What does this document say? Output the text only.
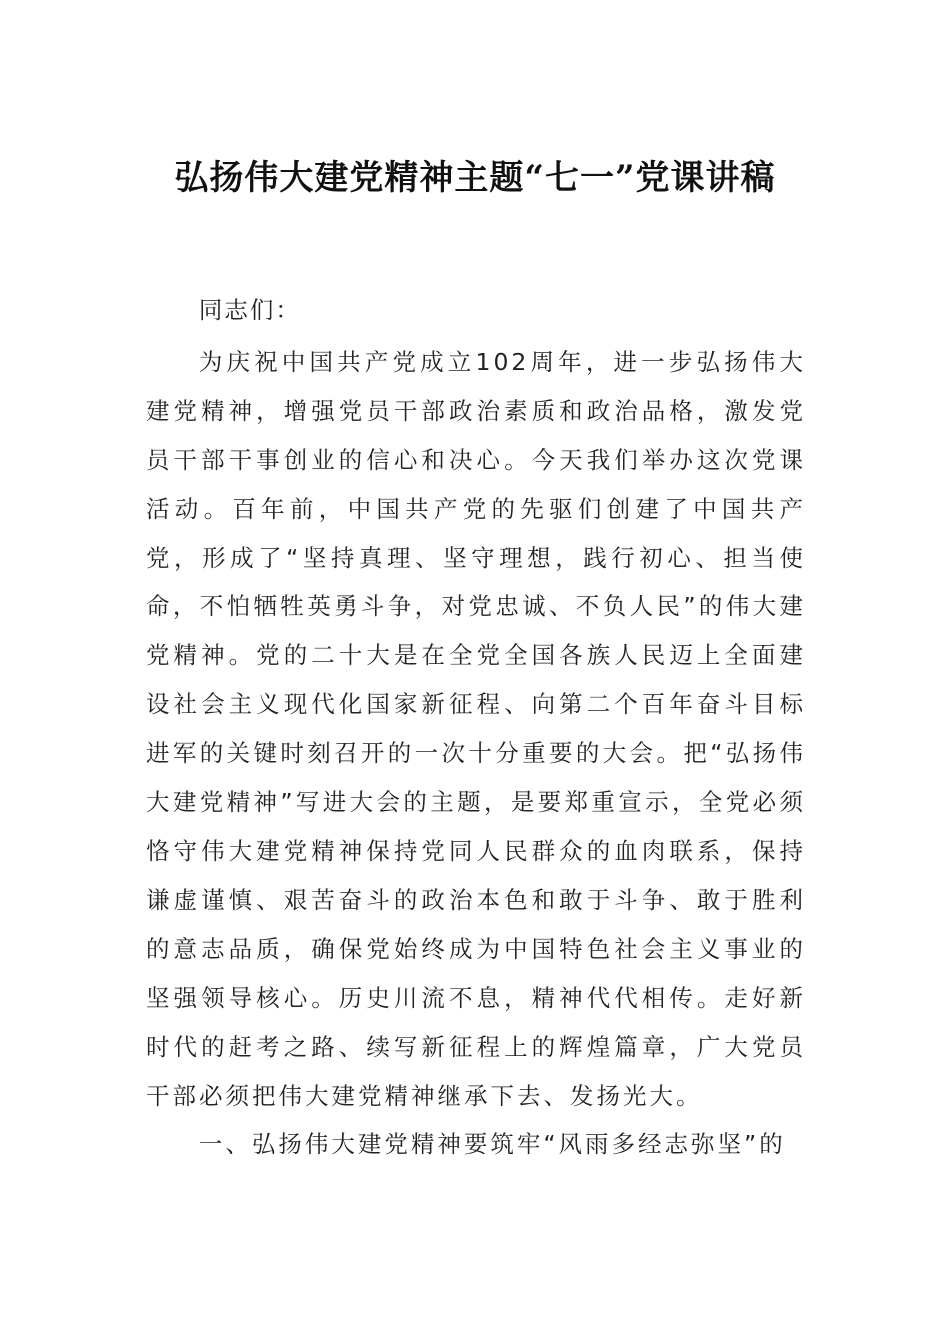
弘扬伟大建党精神主题“七一”党课讲稿

同志们：

为庆祝中国共产党成立102周年，进一步弘扬伟大建党精神，增强党员干部政治素质和政治品格，激发党员干部干事创业的信心和决心。今天我们举办这次党课活动。百年前，中国共产党的先驱们创建了中国共产党，形成了“坚持真理、坚守理想，践行初心、担当使命，不怕牺牲英勇斗争，对党忠诚、不负人民”的伟大建党精神。党的二十大是在全党全国各族人民迈上全面建设社会主义现代化国家新征程、向第二个百年奋斗目标进军的关键时刻召开的一次十分重要的大会。把“弘扬伟大建党精神”写进大会的主题，是要郑重宣示，全党必须恪守伟大建党精神保持党同人民群众的血肉联系，保持谦虚谨慎、艰苦奋斗的政治本色和敢于斗争、敢于胜利的意志品质，确保党始终成为中国特色社会主义事业的坚强领导核心。历史川流不息，精神代代相传。走好新时代的赶考之路、续写新征程上的辉煌篇章，广大党员干部必须把伟大建党精神继承下去、发扬光大。

一、弘扬伟大建党精神要筑牢“风雨多经志弥坚”的
